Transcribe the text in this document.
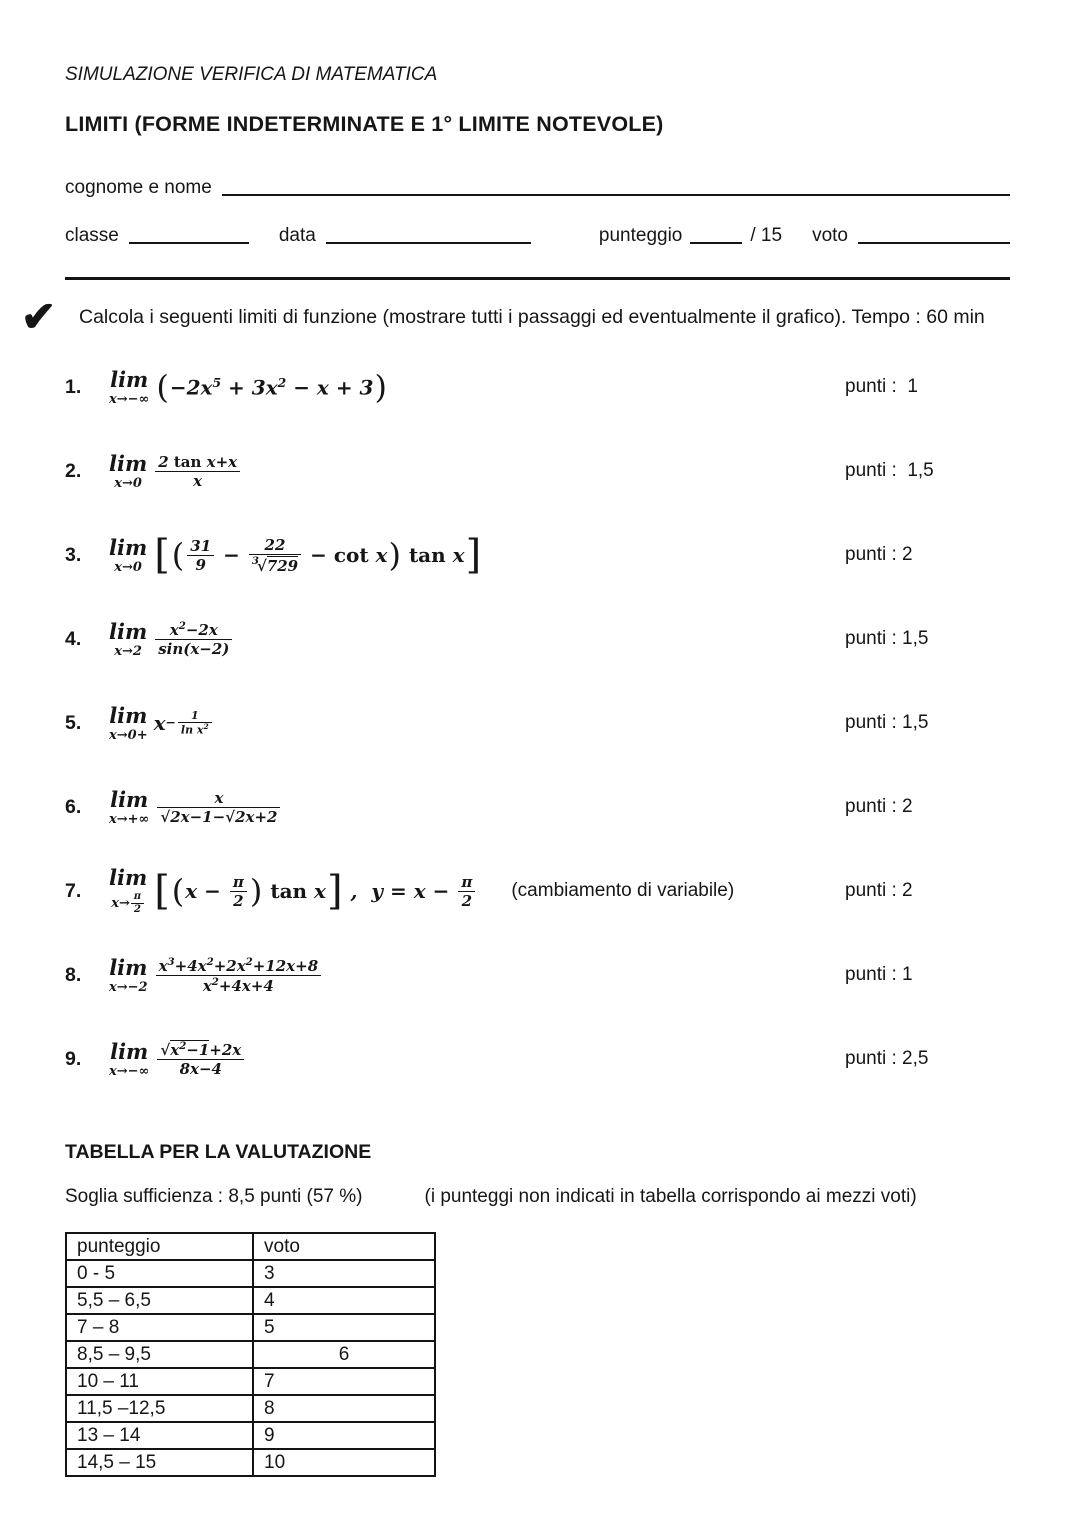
SIMULAZIONE VERIFICA DI MATEMATICA
LIMITI (FORME INDETERMINATE E 1° LIMITE NOTEVOLE)
cognome e nome
classe	data	punteggio	/ 15 voto
✔ Calcola i seguenti limiti di funzione (mostrare tutti i passaggi ed eventualmente il grafico). Tempo : 60 min
1.	lim
x→−∞ ( $-2x^5 + 3x^2 - x + 3$ )	punti :  1
2.	lim
x→0
2 tan x+x
x	punti :  1,5
3.	lim
x→0 [ ( 31
$9 - \frac{22}{^3√729} - \cot x$ ) tan x ]	punti : 2
4.	lim
x→2
$x^2-2x$
sin(x−2)	punti : 1,5
5.	lim
$x\to 0+ x - \frac{1}{\ln x^2}$	punti : 1,5
6.	lim
x→+∞
x
√2x−1−√2x+2	punti : 2
7.
lim
$x\to \frac{\pi}{2}$ [ ( $x - \frac{\pi}{2}$ ) tan x ] ,  $y = x - \frac{\pi}{2}$ (cambiamento di variabile)	punti : 2
8.	lim
x→−2
$x^3+4x^2+2x^2+12x+8$
$x^2+4x+4$
punti : 1
9.	lim
x→−∞
$√x^2-1+2x$
8x−4	punti : 2,5
TABELLA PER LA VALUTAZIONE
Soglia sufficienza : 8,5 punti (57 %)	(i punteggi non indicati in tabella corrispondo ai mezzi voti)
punteggio	voto
0 - 5	3
5,5 – 6,5	4
7 – 8	5
8,5 – 9,5	6
10 – 11	7
11,5 –12,5	8
13 – 14	9
14,5 – 15	10
